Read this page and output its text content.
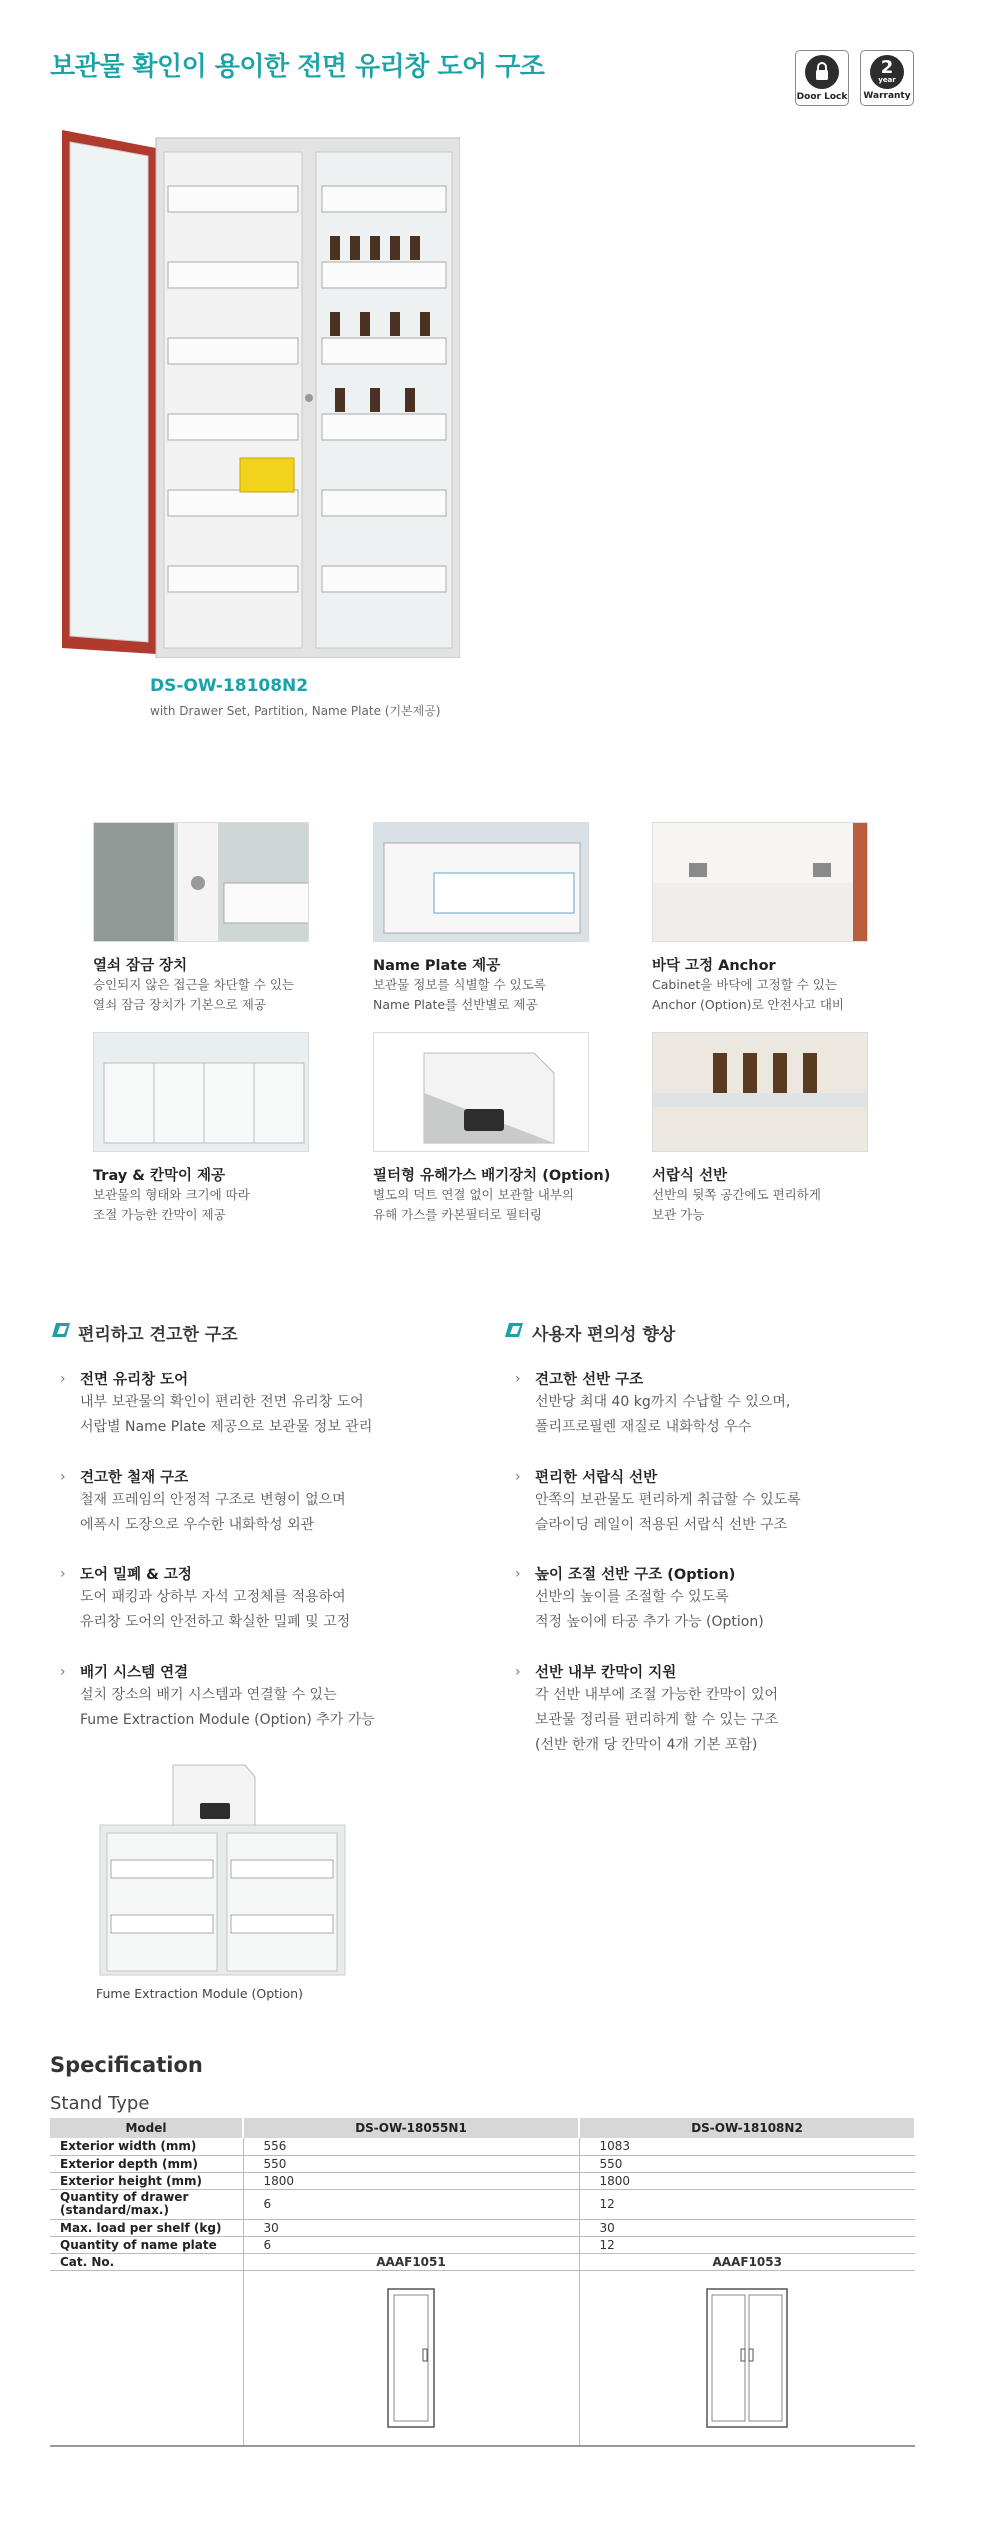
보관물 확인이 용이한 전면 유리창 도어 구조
Door Lock
2
year
Warranty
DS-OW-18108N2
with Drawer Set, Partition, Name Plate (기본제공)
열쇠 잠금 장치
승인되지 않은 접근을 차단할 수 있는
열쇠 잠금 장치가 기본으로 제공
Name Plate 제공
보관물 정보를 식별할 수 있도록
Name Plate를 선반별로 제공
바닥 고정 Anchor
Cabinet을 바닥에 고정할 수 있는
Anchor (Option)로 안전사고 대비
Tray & 칸막이 제공
보관물의 형태와 크기에 따라
조절 가능한 칸막이 제공
필터형 유해가스 배기장치 (Option)
별도의 덕트 연결 없이 보관할 내부의
유해 가스를 카본필터로 필터링
서랍식 선반
선반의 뒷쪽 공간에도 편리하게
보관 가능
편리하고 견고한 구조
› 전면 유리창 도어
내부 보관물의 확인이 편리한 전면 유리창 도어
서랍별 Name Plate 제공으로 보관물 정보 관리
› 견고한 철재 구조
철재 프레임의 안정적 구조로 변형이 없으며
에폭시 도장으로 우수한 내화학성 외관
› 도어 밀폐 & 고정
도어 패킹과 상하부 자석 고정체를 적용하여
유리창 도어의 안전하고 확실한 밀폐 및 고정
› 배기 시스템 연결
설치 장소의 배기 시스템과 연결할 수 있는
Fume Extraction Module (Option) 추가 가능
Fume Extraction Module (Option)
사용자 편의성 향상
› 견고한 선반 구조
선반당 최대 40 kg까지 수납할 수 있으며,
폴리프로필렌 재질로 내화학성 우수
› 편리한 서랍식 선반
안쪽의 보관물도 편리하게 취급할 수 있도록
슬라이딩 레일이 적용된 서랍식 선반 구조
› 높이 조절 선반 구조 (Option)
선반의 높이를 조절할 수 있도록
적정 높이에 타공 추가 가능 (Option)
› 선반 내부 칸막이 지원
각 선반 내부에 조절 가능한 칸막이 있어
보관물 정리를 편리하게 할 수 있는 구조
(선반 한개 당 칸막이 4개 기본 포함)
Specification
Stand Type
Model	DS-OW-18055N1	DS-OW-18108N2
Exterior width (mm)	556	1083
Exterior depth (mm)	550	550
Exterior height (mm)	1800	1800

Quantity of drawer
(standard/max.)	6	12
Max. load per shelf (kg)	30	30
Quantity of name plate	6	12
Cat. No.	AAAF1051	AAAF1053
